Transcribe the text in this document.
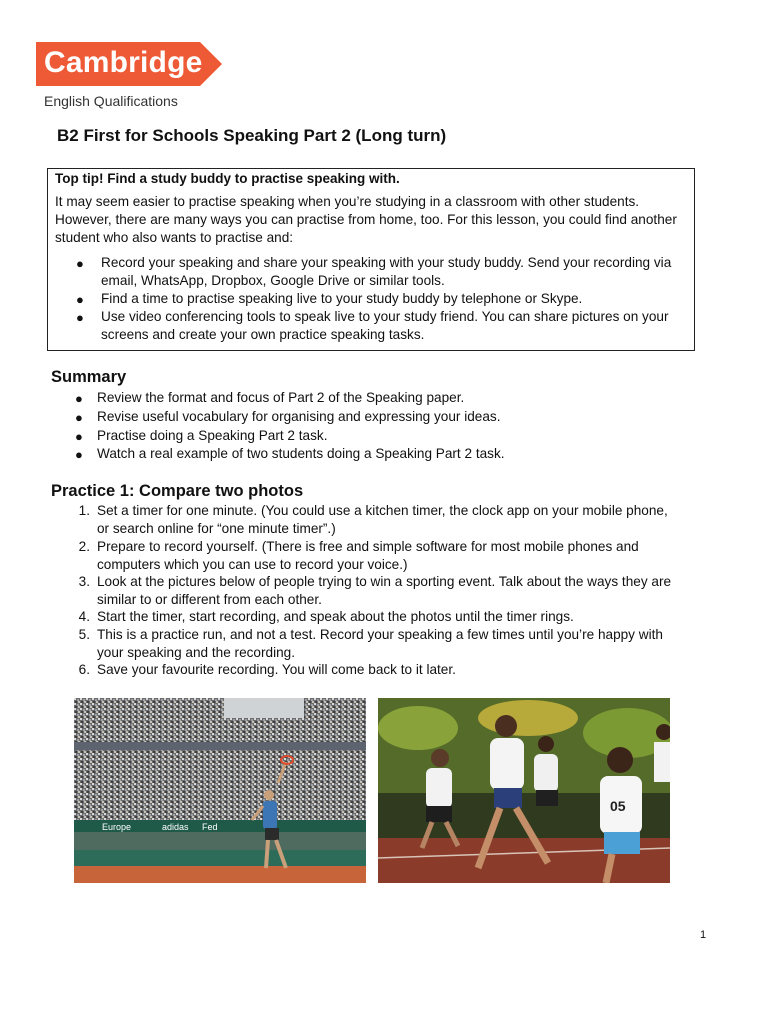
Cambridge
English Qualifications
B2 First for Schools Speaking Part 2 (Long turn)
Top tip! Find a study buddy to practise speaking with.
It may seem easier to practise speaking when you’re studying in a classroom with other students. However, there are many ways you can practise from home, too. For this lesson, you could find another student who also wants to practise and:
● Record your speaking and share your speaking with your study buddy. Send your recording via email, WhatsApp, Dropbox, Google Drive or similar tools.
● Find a time to practise speaking live to your study buddy by telephone or Skype.
● Use video conferencing tools to speak live to your study friend. You can share pictures on your screens and create your own practice speaking tasks.
Summary
● Review the format and focus of Part 2 of the Speaking paper.
● Revise useful vocabulary for organising and expressing your ideas.
● Practise doing a Speaking Part 2 task.
● Watch a real example of two students doing a Speaking Part 2 task.
Practice 1: Compare two photos
1. Set a timer for one minute. (You could use a kitchen timer, the clock app on your mobile phone, or search online for “one minute timer”.)
2. Prepare to record yourself. (There is free and simple software for most mobile phones and computers which you can use to record your voice.)
3. Look at the pictures below of people trying to win a sporting event. Talk about the ways they are similar to or different from each other.
4. Start the timer, start recording, and speak about the photos until the timer rings.
5. This is a practice run, and not a test. Record your speaking a few times until you’re happy with your speaking and the recording.
6. Save your favourite recording. You will come back to it later.
Europe	adidas Fed
05
1
